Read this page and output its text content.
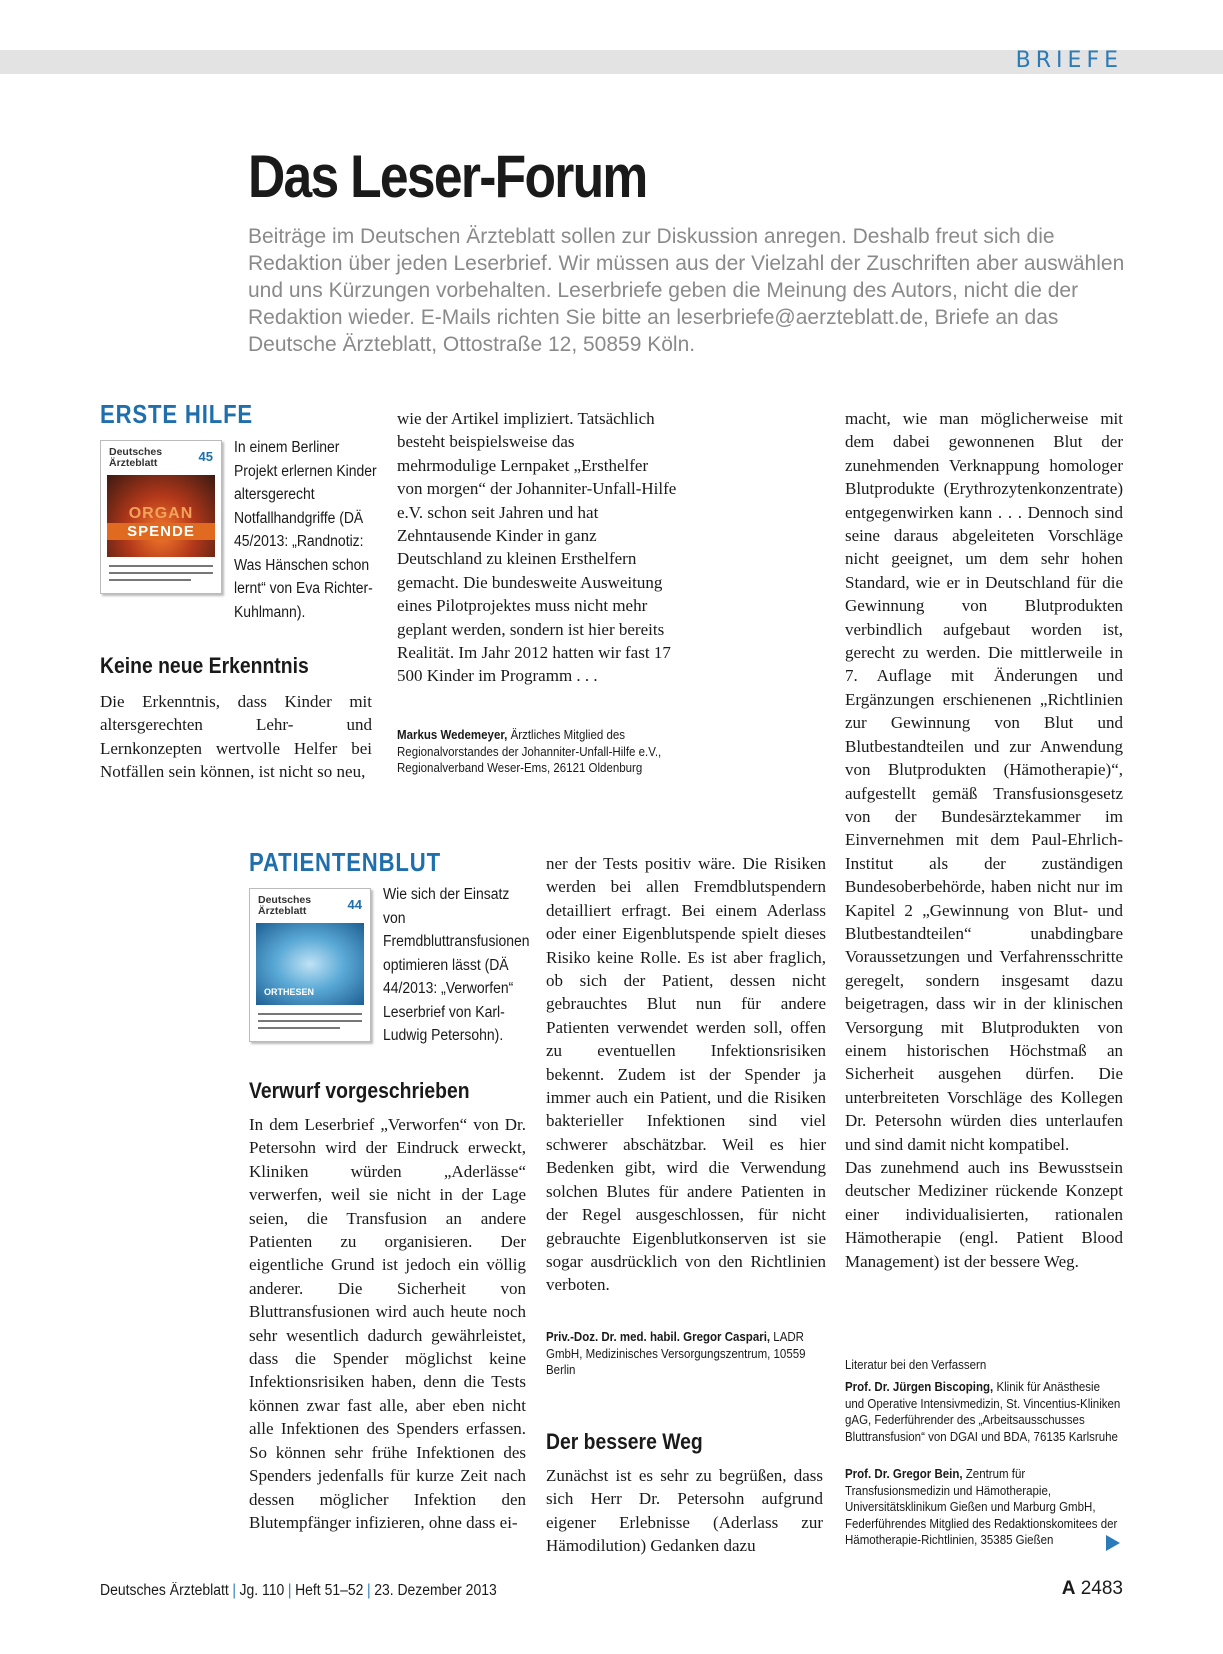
BRIEFE
Das Leser-Forum

Beiträge im Deutschen Ärzteblatt sollen zur Diskussion anregen. Deshalb freut sich die Redaktion über jeden Leserbrief. Wir müssen aus der Vielzahl der Zuschriften aber auswählen und uns Kürzungen vorbehalten. Leserbriefe geben die Meinung des Autors, nicht die der Redaktion wieder. E-Mails richten Sie bitte an leserbriefe@aerzteblatt.de, Briefe an das Deutsche Ärzteblatt, Ottostraße 12, 50859 Köln.

ERSTE HILFE
Deutsches Ärzteblatt	45
ORGAN
SPENDE

In einem Berliner Projekt erlernen Kinder altersgerecht Notfallhandgriffe (DÄ 45/2013: „Randnotiz: Was Hänschen schon lernt“ von Eva Richter-Kuhlmann).

Keine neue Erkenntnis

Die Erkenntnis, dass Kinder mit altersgerechten Lehr- und Lernkonzepten wertvolle Helfer bei Notfällen sein können, ist nicht so neu,

wie der Artikel impliziert. Tatsächlich besteht beispielsweise das mehrmodulige Lernpaket „Ersthelfer von morgen“ der Johanniter-Unfall-Hilfe e.V. schon seit Jahren und hat Zehntausende Kinder in ganz Deutschland zu kleinen Ersthelfern gemacht. Die bundesweite Ausweitung eines Pilotprojektes muss nicht mehr geplant werden, sondern ist hier bereits Realität. Im Jahr 2012 hatten wir fast 17 500 Kinder im Programm . . .

Markus Wedemeyer, Ärztliches Mitglied des Regionalvorstandes der Johanniter-Unfall-Hilfe e.V., Regionalverband Weser-Ems, 26121 Oldenburg

PATIENTENBLUT
Deutsches Ärzteblatt	44
ORTHESEN

Wie sich der Einsatz von Fremdbluttransfusionen optimieren lässt (DÄ 44/2013: „Verworfen“ Leserbrief von Karl-Ludwig Petersohn).

Verwurf vorgeschrieben

In dem Leserbrief „Verworfen“ von Dr. Petersohn wird der Eindruck erweckt, Kliniken würden „Aderlässe“ verwerfen, weil sie nicht in der Lage seien, die Transfusion an andere Patienten zu organisieren. Der eigentliche Grund ist jedoch ein völlig anderer. Die Sicherheit von Bluttransfusionen wird auch heute noch sehr wesentlich dadurch gewährleistet, dass die Spender möglichst keine Infektionsrisiken haben, denn die Tests können zwar fast alle, aber eben nicht alle Infektionen des Spenders erfassen. So können sehr frühe Infektionen des Spenders jedenfalls für kurze Zeit nach dessen möglicher Infektion den Blutempfänger infizieren, ohne dass ei-

ner der Tests positiv wäre. Die Risiken werden bei allen Fremdblutspendern detailliert erfragt. Bei einem Aderlass oder einer Eigenblutspende spielt dieses Risiko keine Rolle. Es ist aber fraglich, ob sich der Patient, dessen nicht gebrauchtes Blut nun für andere Patienten verwendet werden soll, offen zu eventuellen Infektionsrisiken bekennt. Zudem ist der Spender ja immer auch ein Patient, und die Risiken bakterieller Infektionen sind viel schwerer abschätzbar. Weil es hier Bedenken gibt, wird die Verwendung solchen Blutes für andere Patienten in der Regel ausgeschlossen, für nicht gebrauchte Eigenblutkonserven ist sie sogar ausdrücklich von den Richtlinien verboten.

Priv.-Doz. Dr. med. habil. Gregor Caspari, LADR GmbH, Medizinisches Versorgungszentrum, 10559 Berlin

Der bessere Weg

Zunächst ist es sehr zu begrüßen, dass sich Herr Dr. Petersohn aufgrund eigener Erlebnisse (Aderlass zur Hämodilution) Gedanken dazu

macht, wie man möglicherweise mit dem dabei gewonnenen Blut der zunehmenden Verknappung homologer Blutprodukte (Erythrozytenkonzentrate) entgegenwirken kann . . . Dennoch sind seine daraus abgeleiteten Vorschläge nicht geeignet, um dem sehr hohen Standard, wie er in Deutschland für die Gewinnung von Blutprodukten verbindlich aufgebaut worden ist, gerecht zu werden. Die mittlerweile in 7. Auflage mit Änderungen und Ergänzungen erschienenen „Richtlinien zur Gewinnung von Blut und Blutbestandteilen und zur Anwendung von Blutprodukten (Hämotherapie)“, aufgestellt gemäß Transfusionsgesetz von der Bundesärztekammer im Einvernehmen mit dem Paul-Ehrlich-Institut als der zuständigen Bundesoberbehörde, haben nicht nur im Kapitel 2 „Gewinnung von Blut- und Blutbestandteilen“ unabdingbare Voraussetzungen und Verfahrensschritte geregelt, sondern insgesamt dazu beigetragen, dass wir in der klinischen Versorgung mit Blutprodukten von einem historischen Höchstmaß an Sicherheit ausgehen dürfen. Die unterbreiteten Vorschläge des Kollegen Dr. Petersohn würden dies unterlaufen und sind damit nicht kompatibel.

Das zunehmend auch ins Bewusstsein deutscher Mediziner rückende Konzept einer individualisierten, rationalen Hämotherapie (engl. Patient Blood Management) ist der bessere Weg.

Literatur bei den Verfassern

Prof. Dr. Jürgen Biscoping, Klinik für Anästhesie und Operative Intensivmedizin, St. Vincentius-Kliniken gAG, Federführender des „Arbeitsausschusses Bluttransfusion“ von DGAI und BDA, 76135 Karlsruhe

Prof. Dr. Gregor Bein, Zentrum für Transfusionsmedizin und Hämotherapie, Universitätsklinikum Gießen und Marburg GmbH, Federführendes Mitglied des Redaktionskomitees der Hämotherapie-Richtlinien, 35385 Gießen

Deutsches Ärzteblatt | Jg. 110 | Heft 51–52 | 23. Dezember 2013	A 2483
